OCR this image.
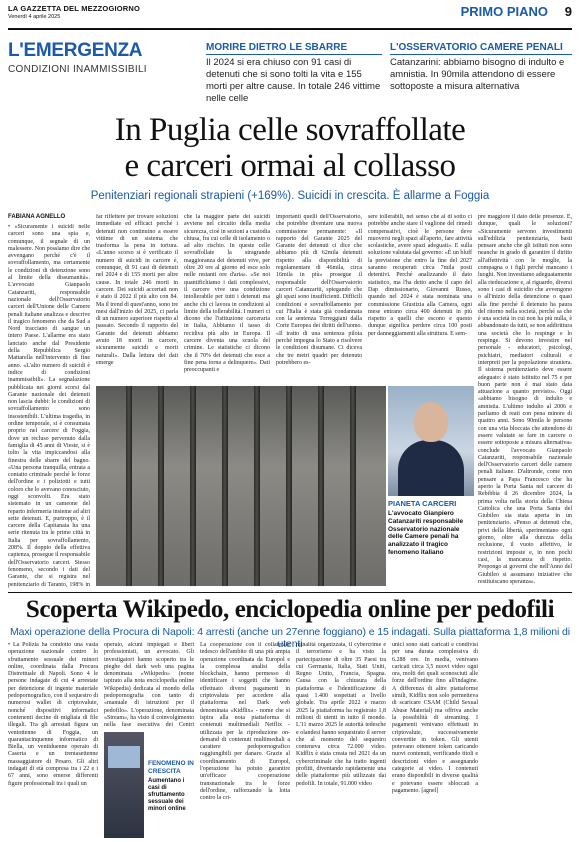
LA GAZZETTA DEL MEZZOGIORNO
Venerdì 4 aprile 2025	PRIMO PIANO 9
L'EMERGENZA
CONDIZIONI INAMMISSIBILI
MORIRE DIETRO LE SBARRE
Il 2024 si era chiuso con 91 casi di detenuti che si sono tolti la vita e 155 morti per altre cause. In totale 246 vittime nelle celle
L'OSSERVATORIO CAMERE PENALI
Catanzarini: abbiamo bisogno di indulto e amnistia. In 90mila attendono di essere sottoposte a misura alternativa
In Puglia celle sovraffollate
e carceri ormai al collasso
Penitenziari regionali strapieni (+169%). Suicidi in crescita. È allarme a Foggia
FABIANA AGNELLO
• «Sicuramente i suicidi nelle carceri sono una spia e, comunque, il segnale di un malessere. Non possiamo dire che avvengano perché c'è il sovraffollamento, ma certamente le condizioni di detenzione sono al limite della dissumanità». L'avvocato Gianpaolo Catanzariti, responsabile nazionale dell'Osservatorio carceri dell'Unione delle Camere penali italiane analizza e descrive il tragico fenomeno che da Sud a Nord tracciano di sangue un intero Paese. L'allarme era stato lanciato anche dal Presidente della Repubblica Sergio Mattarella nell'intervento di fine anno. «L'alto numero di suicidi è indice di condizioni inammissibili». La segnalazione pubblicata nei giorni scorsi dal Garante nazionale dei detenuti non lascia dubbi: le condizioni di sovraffollamento sono insostenibili. L'ultima tragedia, in ordine temporale, si è consumata proprio nel carcere di Foggia, dove un recluso pervenuto dalla famiglia di 45 anni di Vieste, si è tolto la vita impiccandosi alla finestra delle sbarre del bagno. «Una persona tranquilla, entrata a contatto criminale perché le forze dell'ordine e i poliziotti e tutti coloro che lo avevano conosciuto, oggi sconvolti. Era stato sistemato in un cameone del reparto infermeria insieme ad altri sette detenuti. E, purtroppo, è il carcere della Capitanata ha una serie ritenuta tra le prime città in Italia per sovraffollamento, 208%. Il doppio della effettiva capienza, prosegue il responsabile dell'Osservatorio carceri. Stesso fenomeno, secondo i dati del Garante, che si registra nel penitenziario di Taranto, 198% in
far riflettere per trovare soluzioni immediate ed efficaci perché i detenuti non continuino a essere vittime di un sistema che trasforma la pena in tortura. «L'anno scorso si è verificato il numero di suicidi in carcere è, comunque, di 91 casi di detenuti nel 2024 e di 155 morti per altre cause. In totale 246 morti in carcere. Dei suicidi accertati non è stato il 2022 il più alto con 84. Ma il trend di quest'anno, sono tre mesi dall'inizio del 2025, ci parla di un numero superiore rispetto al passato. Secondo il rapporto del Garante dei detenuti abbiamo avuto 18 morti in carcere, sicuramente suicidi e morti naturali». Dalla lettura dei dati emerge
che la maggior parte dei suicidi avviene nel circuito della media sicurezza, cioè in sezioni a custodia chiusa, fra cui celle di isolamento o ad alto rischio. In queste celle sovraffollate la stragrande maggioranza dei detenuti vive, per oltre 20 ore al giorno ed esce solo nelle restanti ore d'aria». «Se noi quantifichiamo i dati complessivi, il carcere vive una condizione intollerabile per tutti i detenuti ma anche chi ci lavora in condizioni al limite della tollerabilità. I numeri ci dicono che l'istituzione carceraria in Italia, Abbiamo il tasso di recidiva più alto in Europa. Il carcere diventa una scuola del crimine. Le statistiche ci dicono che il 70% dei detenuti che esce a fine pena torna a delinquere». Dati preoccupanti e
importanti quelli dell'Osservatorio, che potrebbe diventare una nuova commissione permanente: «Il rapporto del Garante 2025 del Garante dei detenuti ci dice che abbiamo più di 62mila detenuti rispetto alla disponibilità di regolamentare di 46mila, circa 16mila in più» prosegue il responsabile dell'Osservatorio carceri Catanzariti, spiegando che gli spazi sono insufficienti. Difficili condizioni e sovraffollamento per cui l'Italia è stata già condannata con la sentenza Torreggiani dalla Corte Europea dei diritti dell'uomo. «Il tratto di una sentenza pilota perché impegna lo Stato a risolvere le condizioni disumane. Ci diceva che tre metri quadri per detenuto potrebbero es-
sere tollerabili, nel senso che al di sotto ci potrebbe anche stare il vaglione del rimedi compensativi, cioè le persone deve muoversi negli spazi all'aperto, fare attività scolastiche, avere spazi adeguati». E sulla soluzione valutata dal governo: «È un bluff la previsione che entro la fine del 2027 saranno recuperati circa 7mila posti detentivi. Perché analizzando il dato statistico, ma l'ha detto anche il capo del Dap dimissionario, Giovanni Russo, quando nel 2024 è stata nominata una commissione Giustizia alla Camera, ogni mese entrano circa 400 detenuti in più rispetto a quelli che escono e questo dunque significa perdere circa 100 posti per danneggiamenti alla struttura. E sem-
pre maggiore il dato delle presenze. E, dunque, quali le soluzioni? «Sicuramente servono investimenti sull'edilizia penitenziaria, basti pensare anche che gli istituti non sono neanche in grado di garantire il diritto all'affettività con le moglie, la compagna o i figli perché mancano i luoghi. Non investiamo adeguatamente alla rieducazione e, al riguardo, diversi sono i casi di suicidio che avvengono o all'inizio della detenzione o quasi alla fine perché il detenuto ha paura del ritorno nella società, perché sa che è una società in cui non ha più nulla, è abbandonato da tutti, se non addirittura una società che lo respinge e lo respinge. Si devono investire nel personale - educatori, psicologi, psichiatri, mediatori culturali e interpreti per la popolazione straniera. Il sistema penitenziario deve essere adeguato: è stato istituito nel 75 e per buon parte non è mai stato data attuazione a quanto previsto». Oggi «abbiamo bisogno di indulto e amnistia. L'ultimo indulto al 2006 e parliamo di reati con pena minore di quattro anni. Sono 90mila le persone con una vita bloccata che attendono di essere valutate se fare in carcere o essere sottoposte a misura alternativa» conclude l'avvocato Gianpaolo Catanzariti, responsabile nazionale dell'Osservatorio carceri delle camere penali italiane. D'altronde, come non pensare a Papa Francesco che ha aperto la Porta Santa nel carcere di Rebibbia il 26 dicembre 2024, la prima volta nella storia della Chiesa Cattolica che una Porta Santa del Giubileo sia stata aperta in un penitenziario. «Penso ai detenuti che, privi della libertà, sperimentano ogni giorno, oltre alla durezza della reclusione, il vuoto affettivo, le restrizioni imposte e, in non pochi casi, la mancanza di rispetto. Propongo ai governi che nell'Anno del Giubileo si assumano iniziative che restituiscano speranza».
PIANETA CARCERI
L'avvocato Gianpiero Catanzariti responsabile Osservatorio nazionale delle Camere penali ha analizzato il tragico fenomeno italiano
Scoperta Wikipedo, enciclopedia online per pedofili
Maxi operazione della Procura di Napoli: 4 arresti (anche un 27enne foggiano) e 15 indagati. Sulla piattaforma 1,8 milioni di utenti
• La Polizia ha condotto una vasta operazione nazionale contro lo sfruttamento sessuale dei minori online, coordinata dalla Procura Distrettuale di Napoli. Sono 4 le persone indagate di cui 4 arrestate per detenzione di ingente materiale pedopornografico, con il sequestro di numerosi wallet di criptovalute, nonché dispositivi informatici contenenti decine di migliaia di file illegali. Tra gli arrestati figura un ventottenne di Foggia, un quarantacinquenne informatico di Biella, un ventiduenne operaio di Caserta e un trentasettenne massaggiatore di Pesaro. Gli altri indagati di età compresa tra i 22 e i 67 anni, sono emerse differenti figure professionali tra i quali un
operaio, alcuni impiegati e liberi professionisti, un avvocato. Gli investigatori hanno scoperto tra le pieghe del dark web una pagina denominata «Wikipedo» (nome ispirato alla nota enciclopedia online Wikipedia) dedicata al mondo della pedopornografia con tanto di «manuale di istruzioni per il pedofilo». L'operazione, denominata «Stream», ha visto il coinvolgimento nella fase esecutiva dei Centri
La cooperazione con il collaterale tedesco dell'ambito di una più ampia operazione coordinata da Europol e la complessa analisi della blockchain, hanno permesso di identificare i soggetti che hanno effettuato diversi pagamenti in criptovaluta per accedere alla piattaforma nel Dark web denominata «Kidflix» - nome che si ispira alla nota piattaforma di contenuti multimediali Netflix - utilizzata per la riproduzione on-demand di contenuti multimediali a carattere pedopornografico raggiungibili per danaro. Grazie al coordinamento di Europol, l'operazione ha potuto garantire un'efficace cooperazione transnazionale tra le forze dell'ordine, rafforzando la lotta contro la cri-
minalità organizzata, il cybercrime e il terrorismo e ha visto la partecipazione di oltre 35 Paesi tra cui Germania, Italia, Stati Uniti, Regno Unito, Francia, Spagna. Causa con la chiusura della piattaforma e l'identificazione di quasi 1.400 sospettati a livello globale. Tra aprile 2022 e marzo 2025 la piattaforma ha registrato 1,8 milioni di utenti in tutto il mondo. L'11 marzo 2025 le autorità tedesche e olandesi hanno sequestrato il server che al momento del sequestro conteneva circa 72.000 video. Kidflix è stata creata nel 2021 da un cybercriminale che ha tratto ingenti profitti, diventando rapidamente una delle piattaforme più utilizzate dai pedofili. In totale, 91.000 video
unici sono stati caricati e condivisi per una durata complessiva di 6.288 ore. In media, venivano caricati circa 3,5 nuovi video ogni ora, molti dei quali sconosciuti alle forze dell'ordine fino all'indagine. A differenza di altre piattaforme simili, Kidflix non solo permetteva di scaricare CSAM (Child Sexual Abuse Material) ma offriva anche la possibilità di streaming. I pagamenti venivano effettuati in criptovalute, successivamente convertite in token. Gli utenti potevano ottenere token caricando nuovi contenuti, verificando titoli e descrizioni video e assegnando categorie ai video. I contenuti erano disponibili in diverse qualità e potevano essere sbloccati a pagamento. [agnel]
FENOMENO IN CRESCITA
Aumentano i casi di sfruttamento sessuale dei minori online
